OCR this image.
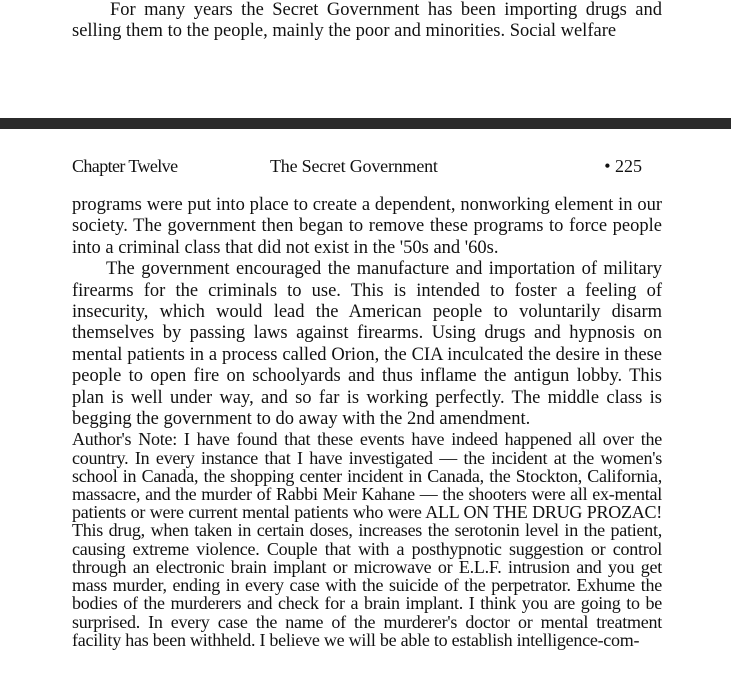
For many years the Secret Government has been importing drugs and selling them to the people, mainly the poor and minorities. Social welfare

Chapter Twelve	The Secret Government	• 225

programs were put into place to create a dependent, nonworking element in our society. The government then began to remove these programs to force people into a criminal class that did not exist in the '50s and '60s.

The government encouraged the manufacture and importation of military firearms for the criminals to use. This is intended to foster a feeling of insecurity, which would lead the American people to voluntarily disarm themselves by passing laws against firearms. Using drugs and hypnosis on mental patients in a process called Orion, the CIA inculcated the desire in these people to open fire on schoolyards and thus inflame the antigun lobby. This plan is well under way, and so far is working perfectly. The middle class is begging the government to do away with the 2nd amendment.

Author's Note: I have found that these events have indeed happened all over the country. In every instance that I have investigated — the incident at the women's school in Canada, the shopping center incident in Canada, the Stockton, California, massacre, and the murder of Rabbi Meir Kahane — the shooters were all ex-mental patients or were current mental patients who were ALL ON THE DRUG PROZAC! This drug, when taken in certain doses, increases the serotonin level in the patient, causing extreme violence. Couple that with a posthypnotic suggestion or control through an electronic brain implant or microwave or E.L.F. intrusion and you get mass murder, ending in every case with the suicide of the perpetrator. Exhume the bodies of the murderers and check for a brain implant. I think you are going to be surprised. In every case the name of the murderer's doctor or mental treatment facility has been withheld. I believe we will be able to establish intelligence-com-
